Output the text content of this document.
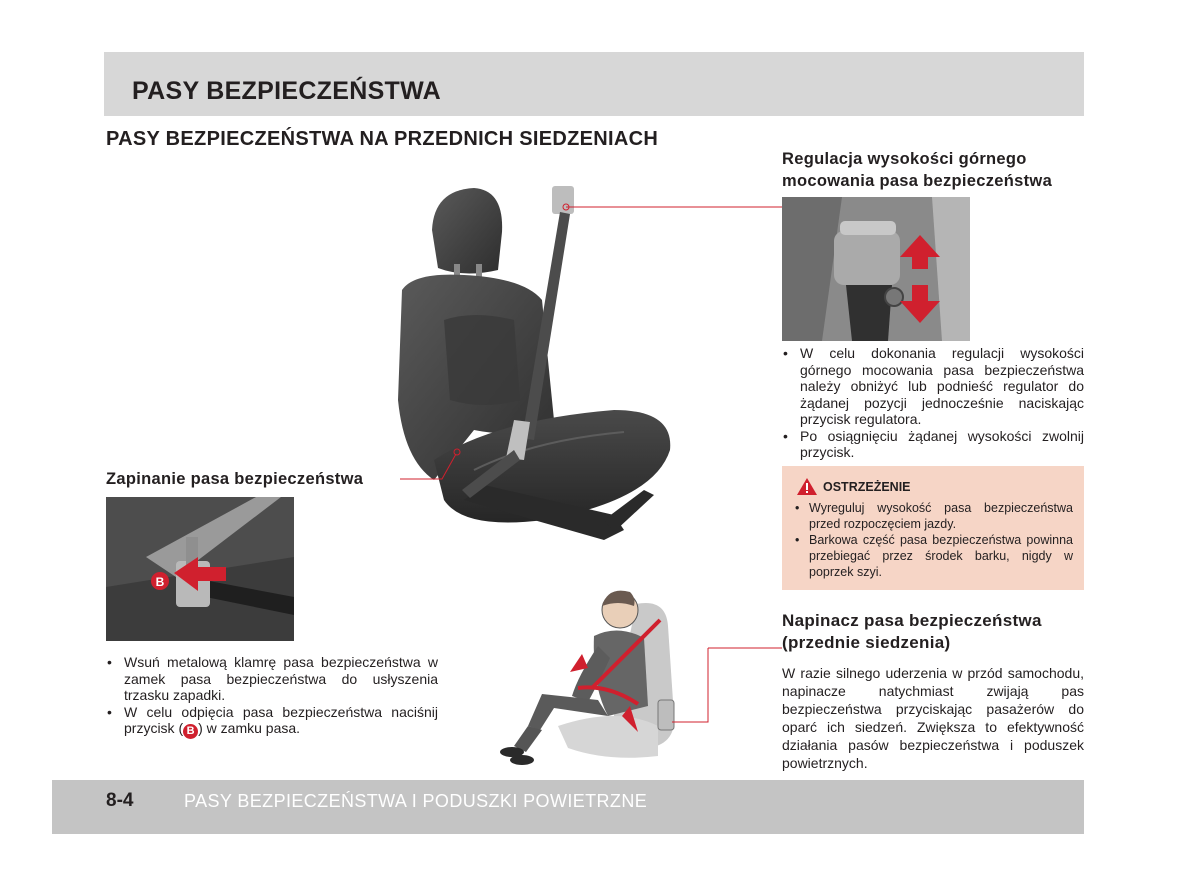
PASY BEZPIECZEŃSTWA
PASY BEZPIECZEŃSTWA NA PRZEDNICH SIEDZENIACH
Regulacja wysokości górnego
mocowania pasa bezpieczeństwa
• W celu dokonania regulacji wysokości górnego mocowania pasa bezpieczeństwa należy obniżyć lub podnieść regulator do żądanej pozycji jednocześnie naciskając przycisk regulatora.
• Po osiągnięciu żądanej wysokości zwolnij przycisk.
OSTRZEŻENIE
• Wyreguluj wysokość pasa bezpieczeństwa przed rozpoczęciem jazdy.
• Barkowa część pasa bezpieczeństwa powinna przebiegać przez środek barku, nigdy w poprzek szyi.
Zapinanie pasa bezpieczeństwa
B
• Wsuń metalową klamrę pasa bezpieczeństwa w zamek pasa bezpieczeństwa do usłyszenia trzasku zapadki.
• W celu odpięcia pasa bezpieczeństwa naciśnij przycisk ( B ) w zamku pasa.
Napinacz pasa bezpieczeństwa
(przednie siedzenia)
W razie silnego uderzenia w przód samochodu, napinacze natychmiast zwijają pas bezpieczeństwa przyciskając pasażerów do oparć ich siedzeń. Zwiększa to efektywność działania pasów bezpieczeństwa i poduszek powietrznych.
8-4	PASY BEZPIECZEŃSTWA I PODUSZKI POWIETRZNE
